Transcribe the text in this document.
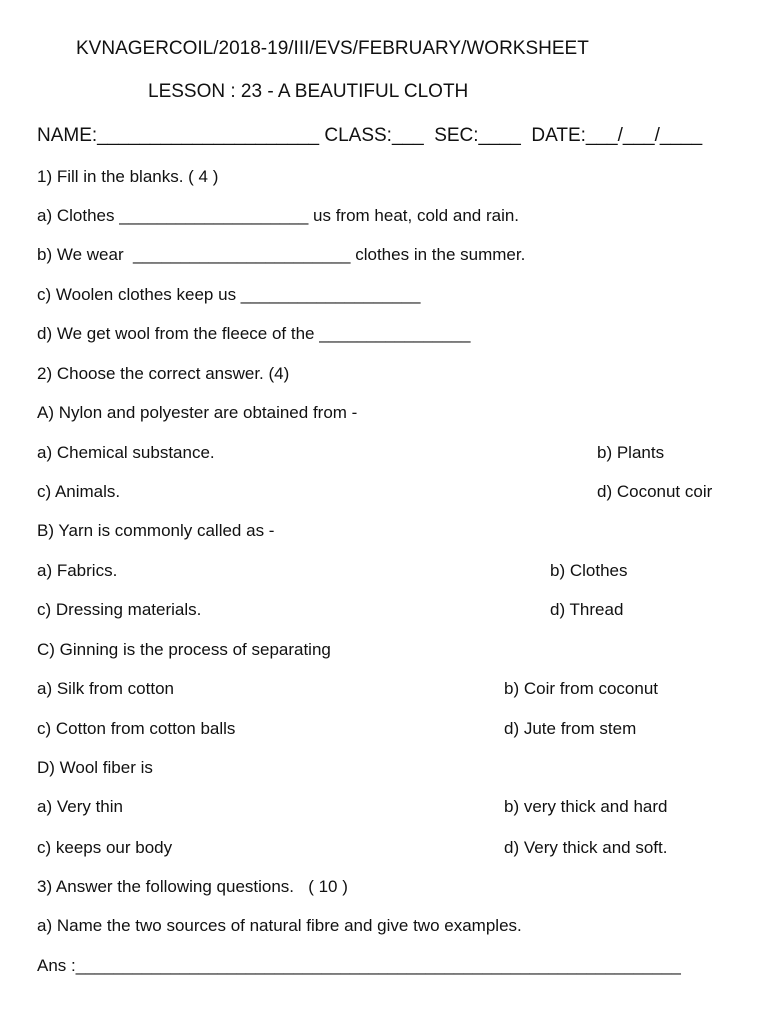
KVNAGERCOIL/2018-19/III/EVS/FEBRUARY/WORKSHEET
LESSON : 23 - A BEAUTIFUL CLOTH
NAME:_____________________ CLASS:___  SEC:____  DATE:___/___/____
1) Fill in the blanks. ( 4 )
a) Clothes ____________________ us from heat, cold and rain.
b) We wear  _______________________ clothes in the summer.
c) Woolen clothes keep us ___________________
d) We get wool from the fleece of the ________________
2) Choose the correct answer. (4)
A) Nylon and polyester are obtained from -
a) Chemical substance.	b) Plants
c) Animals.	d) Coconut coir
B) Yarn is commonly called as -
a) Fabrics.	b) Clothes
c) Dressing materials.	d) Thread
C) Ginning is the process of separating
a) Silk from cotton	b) Coir from coconut
c) Cotton from cotton balls	d) Jute from stem
D) Wool fiber is
a) Very thin	b) very thick and hard
c) keeps our body	d) Very thick and soft.
3) Answer the following questions.   ( 10 )
a) Name the two sources of natural fibre and give two examples.
Ans :________________________________________________________________
